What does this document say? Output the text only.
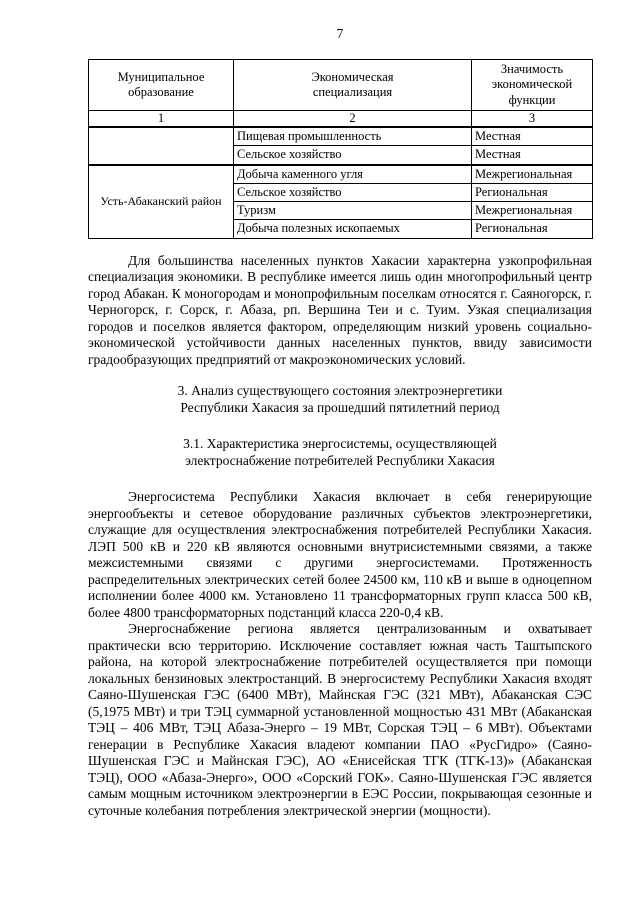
7
Муниципальное образование	Экономическая специализация	Значимость экономической функции
1	2	3
	Пищевая промышленность	Местная
	Сельское хозяйство	Местная
Усть-Абаканский район	Добыча каменного угля	Межрегиональная
	Сельское хозяйство	Региональная
	Туризм	Межрегиональная
	Добыча полезных ископаемых	Региональная

Для большинства населенных пунктов Хакасии характерна узкопрофильная специализация экономики. В республике имеется лишь один многопрофильный центр город Абакан. К моногородам и монопрофильным поселкам относятся г. Саяногорск, г. Черногорск, г. Сорск, г. Абаза, рп. Вершина Теи и с. Туим. Узкая специализация городов и поселков является фактором, определяющим низкий уровень социально-экономической устойчивости данных населенных пунктов, ввиду зависимости градообразующих предприятий от макроэкономических условий.

3. Анализ существующего состояния электроэнергетики Республики Хакасия за прошедший пятилетний период
3.1. Характеристика энергосистемы, осуществляющей электроснабжение потребителей Республики Хакасия

Энергосистема Республики Хакасия включает в себя генерирующие энергообъекты и сетевое оборудование различных субъектов электроэнергетики, служащие для осуществления электроснабжения потребителей Республики Хакасия. ЛЭП 500 кВ и 220 кВ являются основными внутрисистемными связями, а также межсистемными связями с другими энергосистемами. Протяженность распределительных электрических сетей более 24500 км, 110 кВ и выше в одноцепном исполнении более 4000 км. Установлено 11 трансформаторных групп класса 500 кВ, более 4800 трансформаторных подстанций класса 220-0,4 кВ.

Энергоснабжение региона является централизованным и охватывает практически всю территорию. Исключение составляет южная часть Таштыпского района, на которой электроснабжение потребителей осуществляется при помощи локальных бензиновых электростанций. В энергосистему Республики Хакасия входят Саяно-Шушенская ГЭС (6400 МВт), Майнская ГЭС (321 МВт), Абаканская СЭС (5,1975 МВт) и три ТЭЦ суммарной установленной мощностью 431 МВт (Абаканская ТЭЦ – 406 МВт, ТЭЦ Абаза-Энерго – 19 МВт, Сорская ТЭЦ – 6 МВт). Объектами генерации в Республике Хакасия владеют компании ПАО «РусГидро» (Саяно-Шушенская ГЭС и Майнская ГЭС), АО «Енисейская ТГК (ТГК-13)» (Абаканская ТЭЦ), ООО «Абаза-Энерго», ООО «Сорский ГОК». Саяно-Шушенская ГЭС является самым мощным источником электроэнергии в ЕЭС России, покрывающая сезонные и суточные колебания потребления электрической энергии (мощности).
